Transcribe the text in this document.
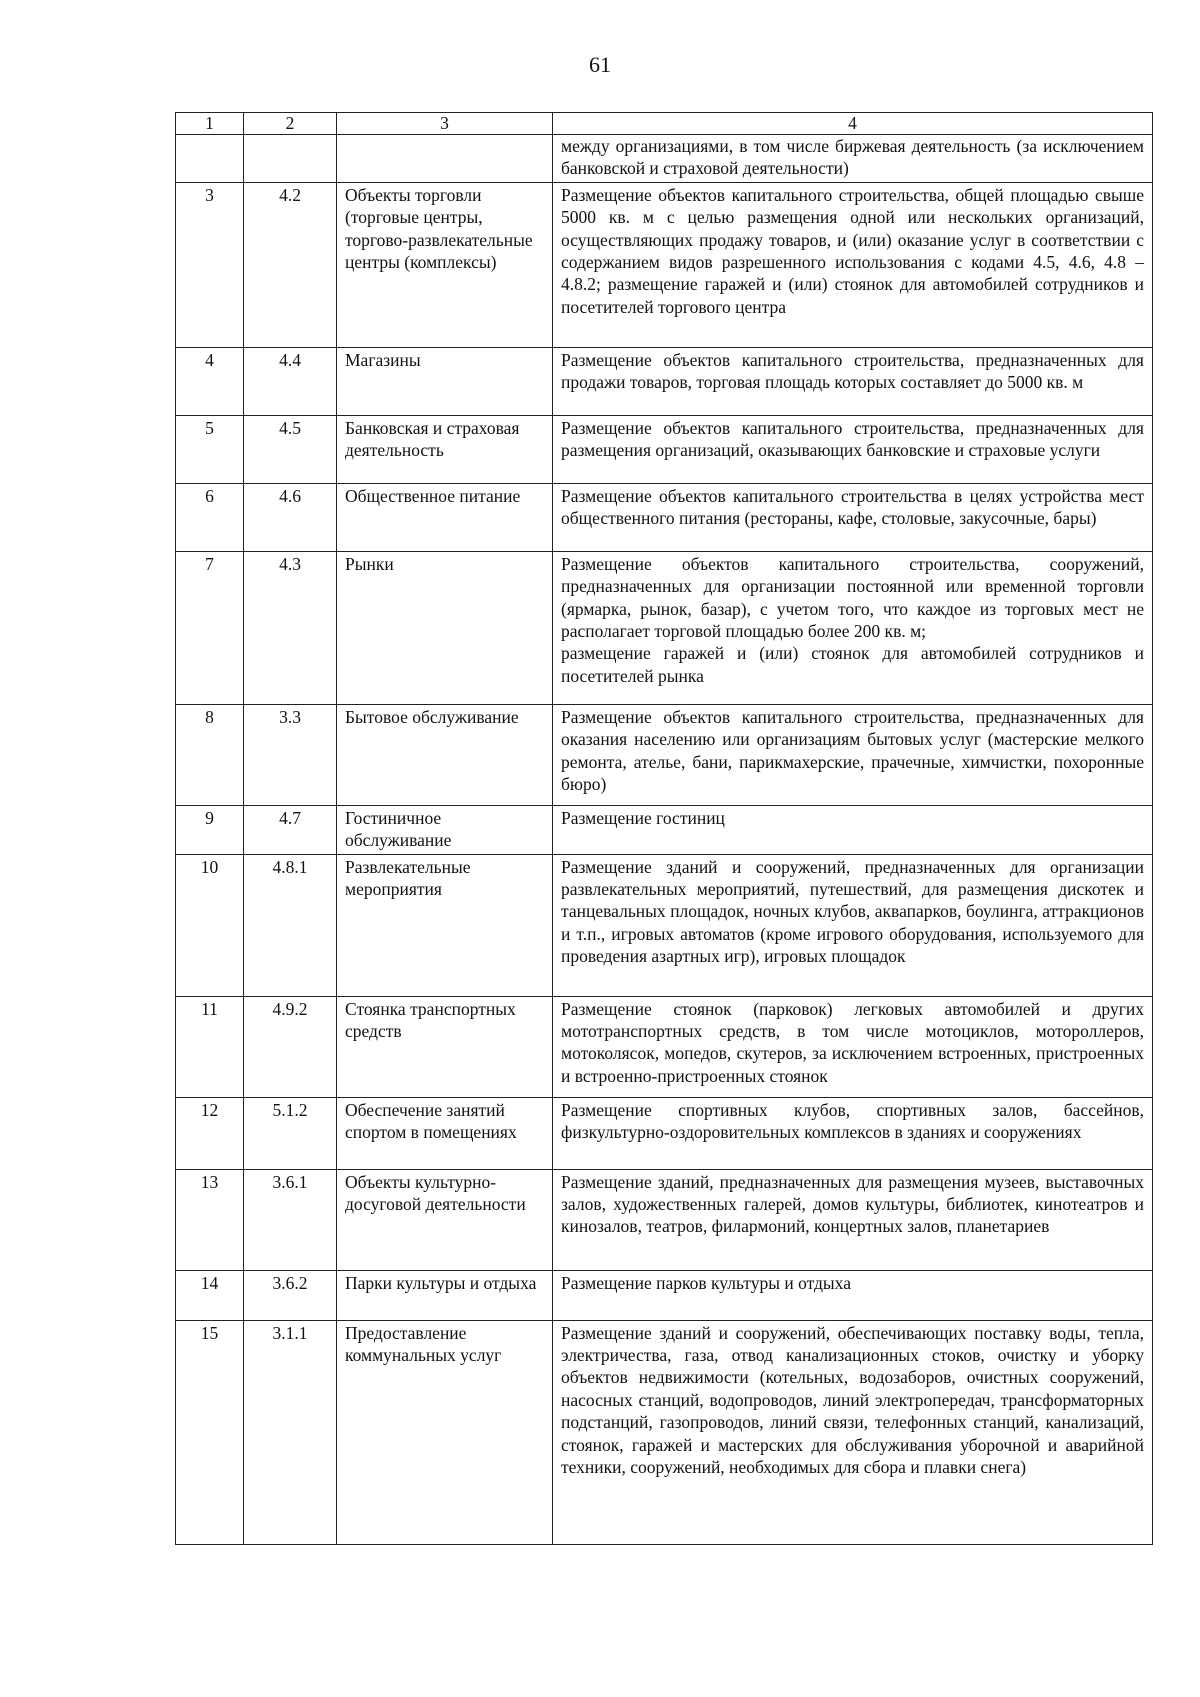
61
1	2	3	4

			между организациями, в том числе биржевая деятельность (за исключением банковской и страховой деятельности)

3	4.2	Объекты торговли (торговые центры, торгово-развлекательные центры (комплексы)	Размещение объектов капитального строительства, общей площадью свыше 5000 кв. м с целью размещения одной или нескольких организаций, осуществляющих продажу товаров, и (или) оказание услуг в соответствии с содержанием видов разрешенного использования с кодами 4.5, 4.6, 4.8 – 4.8.2; размещение гаражей и (или) стоянок для автомобилей сотрудников и посетителей торгового центра

4	4.4	Магазины	Размещение объектов капитального строительства, предназначенных для продажи товаров, торговая площадь которых составляет до 5000 кв. м

5	4.5	Банковская и страховая деятельность	Размещение объектов капитального строительства, предназначенных для размещения организаций, оказывающих банковские и страховые услуги

6	4.6	Общественное питание	Размещение объектов капитального строительства в целях устройства мест общественного питания (рестораны, кафе, столовые, закусочные, бары)

7	4.3	Рынки	Размещение объектов капитального строительства, сооружений, предназначенных для организации постоянной или временной торговли (ярмарка, рынок, базар), с учетом того, что каждое из торговых мест не располагает торговой площадью более 200 кв. м;
размещение гаражей и (или) стоянок для автомобилей сотрудников и посетителей рынка

8	3.3	Бытовое обслуживание	Размещение объектов капитального строительства, предназначенных для оказания населению или организациям бытовых услуг (мастерские мелкого ремонта, ателье, бани, парикмахерские, прачечные, химчистки, похоронные бюро)

9	4.7	Гостиничное обслуживание	Размещение гостиниц

10	4.8.1	Развлекательные мероприятия	Размещение зданий и сооружений, предназначенных для организации развлекательных мероприятий, путешествий, для размещения дискотек и танцевальных площадок, ночных клубов, аквапарков, боулинга, аттракционов и т.п., игровых автоматов (кроме игрового оборудования, используемого для проведения азартных игр), игровых площадок

11	4.9.2	Стоянка транспортных средств	Размещение стоянок (парковок) легковых автомобилей и других мототранспортных средств, в том числе мотоциклов, мотороллеров, мотоколясок, мопедов, скутеров, за исключением встроенных, пристроенных и встроенно-пристроенных стоянок

12	5.1.2	Обеспечение занятий спортом в помещениях	Размещение спортивных клубов, спортивных залов, бассейнов, физкультурно-оздоровительных комплексов в зданиях и сооружениях

13	3.6.1	Объекты культурно-досуговой деятельности	Размещение зданий, предназначенных для размещения музеев, выставочных залов, художественных галерей, домов культуры, библиотек, кинотеатров и кинозалов, театров, филармоний, концертных залов, планетариев

14	3.6.2	Парки культуры и отдыха	Размещение парков культуры и отдыха

15	3.1.1	Предоставление коммунальных услуг	Размещение зданий и сооружений, обеспечивающих поставку воды, тепла, электричества, газа, отвод канализационных стоков, очистку и уборку объектов недвижимости (котельных, водозаборов, очистных сооружений, насосных станций, водопроводов, линий электропередач, трансформаторных подстанций, газопроводов, линий связи, телефонных станций, канализаций, стоянок, гаражей и мастерских для обслуживания уборочной и аварийной техники, сооружений, необходимых для сбора и плавки снега)
